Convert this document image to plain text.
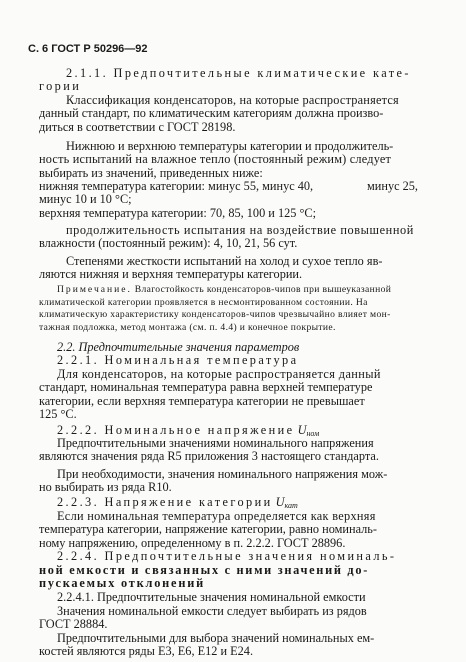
С. 6 ГОСТ Р 50296—92
2.1.1. Предпочтительные климатические кате-
гории
Классификация конденсаторов, на которые распространяется
данный стандарт, по климатическим категориям должна произво-
диться в соответствии с ГОСТ 28198.
Нижнюю и верхнюю температуры категории и продолжитель-
ность испытаний на влажное тепло (постоянный режим) следует
выбирать из значений, приведенных ниже:
нижняя температура категории: минус 55, минус 40,	минус 25,
минус 10 и 10 °С;
верхняя температура категории: 70, 85, 100 и 125 °С;
продолжительность испытания на воздействие повышенной
влажности (постоянный режим): 4, 10, 21, 56 сут.
Степенями жесткости испытаний на холод и сухое тепло яв-
ляются нижняя и верхняя температуры категории.
Примечание. Влагостойкость конденсаторов-чипов при вышеуказанной
климатической категории проявляется в несмонтированном состоянии. На
климатическую характеристику конденсаторов-чипов чрезвычайно влияет мон-
тажная подложка, метод монтажа (см. п. 4.4) и конечное покрытие.
2.2. Предпочтительные значения параметров
2.2.1. Номинальная температура
Для конденсаторов, на которые распространяется данный
стандарт, номинальная температура равна верхней температуре
категории, если верхняя температура категории не превышает
125 °С.
2.2.2. Номинальное напряжение $U_{ном}$
Предпочтительными значениями номинального напряжения
являются значения ряда R5 приложения 3 настоящего стандарта.
При необходимости, значения номинального напряжения мож-
но выбирать из ряда R10.
2.2.3. Напряжение категории $U_{кат}$
Если номинальная температура определяется как верхняя
температура категории, напряжение категории, равно номиналь-
ному напряжению, определенному в п. 2.2.2. ГОСТ 28896.
2.2.4. Предпочтительные значения номиналь-
ной емкости и связанных с ними значений до-
пускаемых отклонений
2.2.4.1. Предпочтительные значения номинальной емкости
Значения номинальной емкости следует выбирать из рядов
ГОСТ 28884.
Предпочтительными для выбора значений номинальных ем-
костей являются ряды E3, E6, E12 и E24.
